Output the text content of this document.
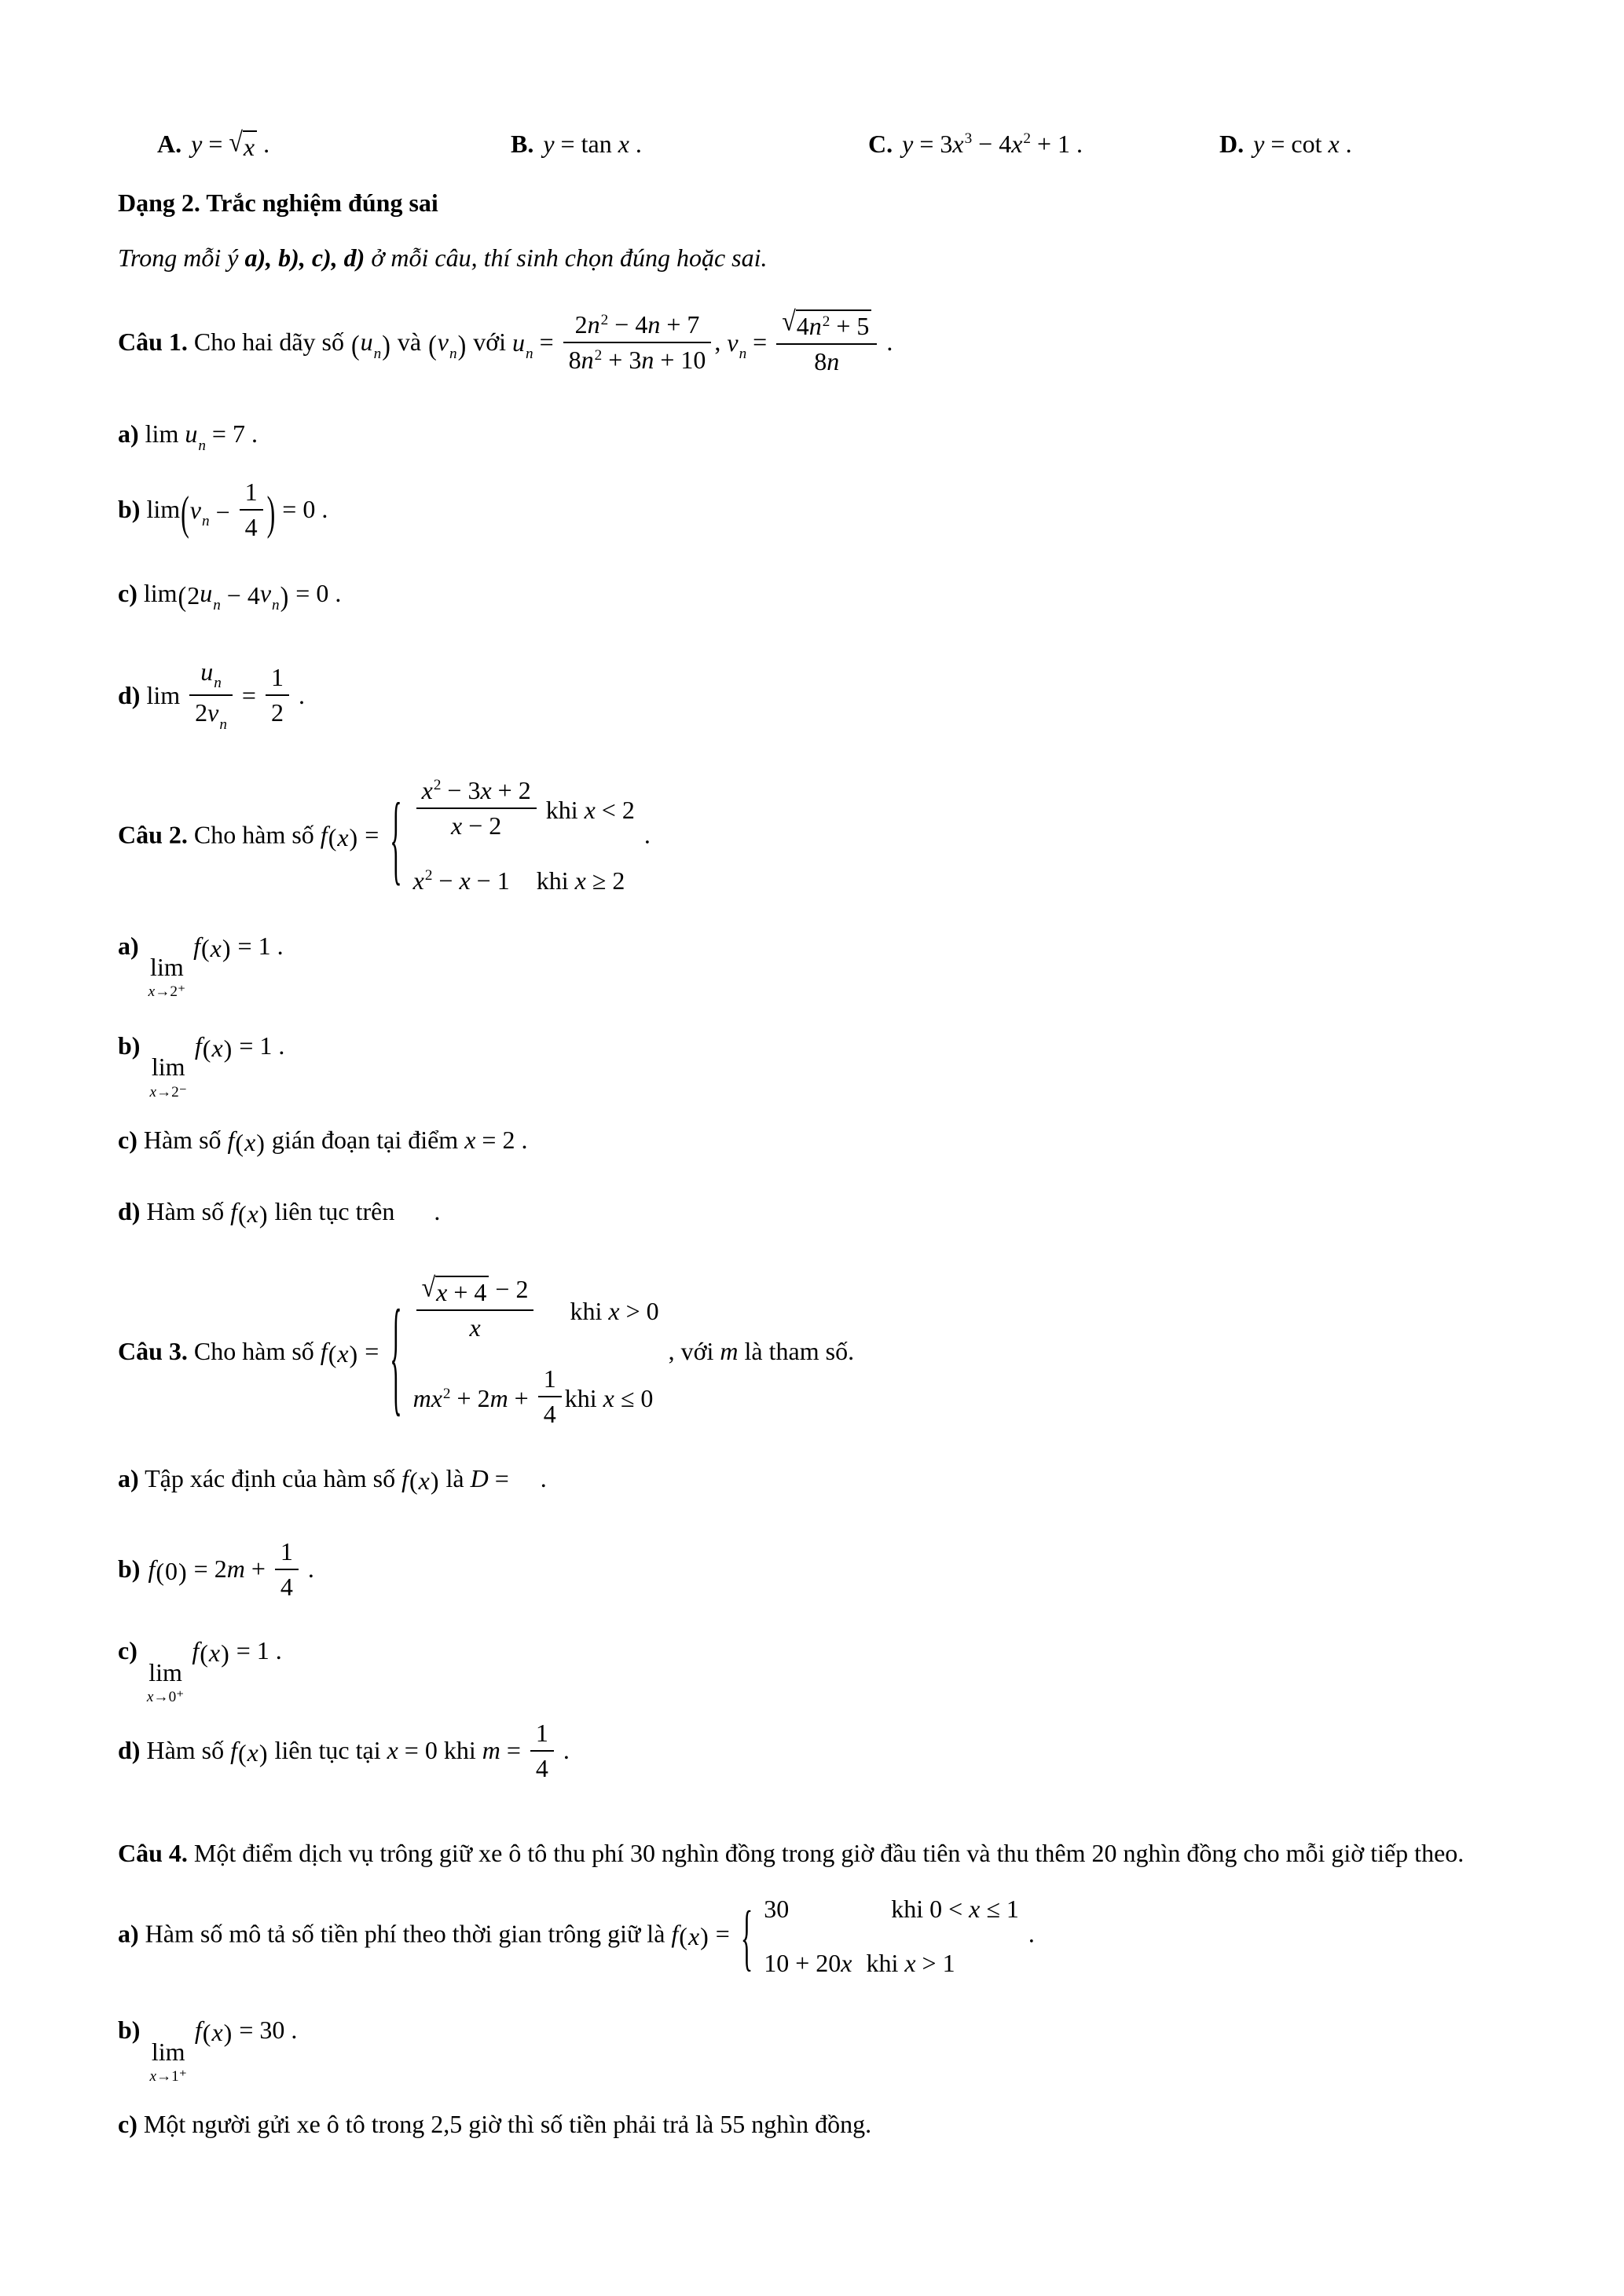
A. y = √ x .	B. y = tan x .	C. $y = 3x^3 - 4x^2 + 1$ .	D. y = cot x .
Dạng 2. Trắc nghiệm đúng sai
Trong mỗi ý a), b), c), d) ở mỗi câu, thí sinh chọn đúng hoặc sai.
Câu 1. Cho hai dãy số ( $u_n$ ) và ( $v_n$ ) với $u_n = \frac{2n^2 - 4n + 7}{8n^2 + 3n + 10}$ , $v_n = \frac{√ 4n^2 + 5}{8n}$ .
a) $\lim u_n = 7$ .
b) lim ( $v_n - \frac{1}{4}$ ) = 0 .
c) lim ( 2 $u_n - 4$ $v_n$ ) = 0 .
d) $\lim \frac{u_n}{2v_n} = \frac{1}{2}$ .
Câu 2. Cho hàm số f ( x ) = { $\frac{x^2 - 3x + 2}{x - 2}$ khi x < 2
$x^2 - x - 1$ khi x ≥ 2
.
a)
lim
x→2⁺
f ( x ) = 1 .
b)
lim
x→2⁻
f ( x ) = 1 .
c) Hàm số f ( x ) gián đoạn tại điểm x = 2 .
d) Hàm số f ( x ) liên tục trên .
Câu 3. Cho hàm số f ( x ) = { $\frac{√ x + 4 - 2}{x}$ khi x > 0
m $x^2 + 2$ $m + \frac{1}{4}$ khi x ≤ 0
, với m là tham số.
a) Tập xác định của hàm số f ( x ) là D = .
b) f ( 0 ) = $2m + \frac{1}{4}$ .
c)
lim
x→0⁺
f ( x ) = 1 .
d) Hàm số f ( x ) liên tục tại x = 0 khi $m = \frac{1}{4}$ .
Câu 4. Một điểm dịch vụ trông giữ xe ô tô thu phí 30 nghìn đồng trong giờ đầu tiên và thu thêm 20 nghìn đồng cho mỗi giờ tiếp theo.
a) Hàm số mô tả số tiền phí theo thời gian trông giữ là f ( x ) = { 30	khi 0 < x ≤ 1
10 + 20 x khi x > 1
.
b)
lim
x→1⁺
f ( x ) = 30 .
c) Một người gửi xe ô tô trong 2,5 giờ thì số tiền phải trả là 55 nghìn đồng.
